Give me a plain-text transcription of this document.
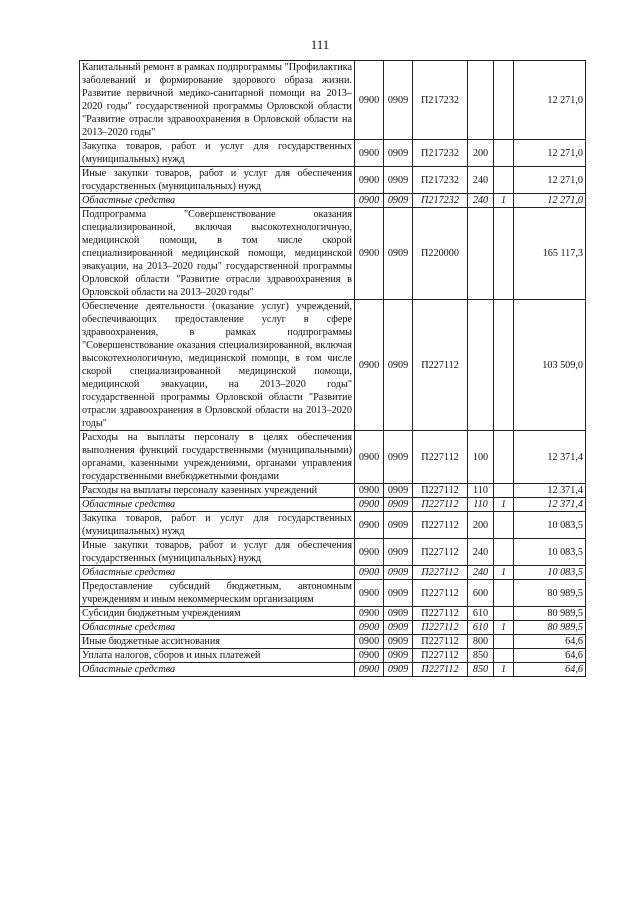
111
Капитальный ремонт в рамках подпрограммы "Профилактика заболеваний и формирование здорового образа жизни. Развитие первичной медико-санитарной помощи на 2013–2020 годы" государственной программы Орловской области "Развитие отрасли здравоохранения в Орловской области на 2013–2020 годы"	0900	0909	П217232			12 271,0
Закупка товаров, работ и услуг для государственных (муниципальных) нужд	0900	0909	П217232	200		12 271,0
Иные закупки товаров, работ и услуг для обеспечения государственных (муниципальных) нужд	0900	0909	П217232	240		12 271,0
Областные средства	0900	0909	П217232	240	1	12 271,0
Подпрограмма "Совершенствование оказания специализированной, включая высокотехнологичную, медицинской помощи, в том числе скорой специализированной медицинской помощи, медицинской эвакуации, на 2013–2020 годы" государственной программы Орловской области "Развитие отрасли здравоохранения в Орловской области на 2013–2020 годы"	0900	0909	П220000			165 117,3
Обеспечение деятельности (оказание услуг) учреждений, обеспечивающих предоставление услуг в сфере здравоохранения, в рамках подпрограммы "Совершенствование оказания специализированной, включая высокотехнологичную, медицинской помощи, в том числе скорой специализированной медицинской помощи, медицинской эвакуации, на 2013–2020 годы" государственной программы Орловской области "Развитие отрасли здравоохранения в Орловской области на 2013–2020 годы"	0900	0909	П227112			103 509,0
Расходы на выплаты персоналу в целях обеспечения выполнения функций государственными (муниципальными) органами, казенными учреждениями, органами управления государственными внебюджетными фондами	0900	0909	П227112	100		12 371,4
Расходы на выплаты персоналу казенных учреждений	0900	0909	П227112	110		12 371,4
Областные средства	0900	0909	П227112	110	1	12 371,4
Закупка товаров, работ и услуг для государственных (муниципальных) нужд	0900	0909	П227112	200		10 083,5
Иные закупки товаров, работ и услуг для обеспечения государственных (муниципальных) нужд	0900	0909	П227112	240		10 083,5
Областные средства	0900	0909	П227112	240	1	10 083,5
Предоставление субсидий бюджетным, автономным учреждениям и иным некоммерческим организациям	0900	0909	П227112	600		80 989,5
Субсидии бюджетным учреждениям	0900	0909	П227112	610		80 989,5
Областные средства	0900	0909	П227112	610	1	80 989,5
Иные бюджетные ассигнования	0900	0909	П227112	800		64,6
Уплата налогов, сборов и иных платежей	0900	0909	П227112	850		64,6
Областные средства	0900	0909	П227112	850	1	64,6
